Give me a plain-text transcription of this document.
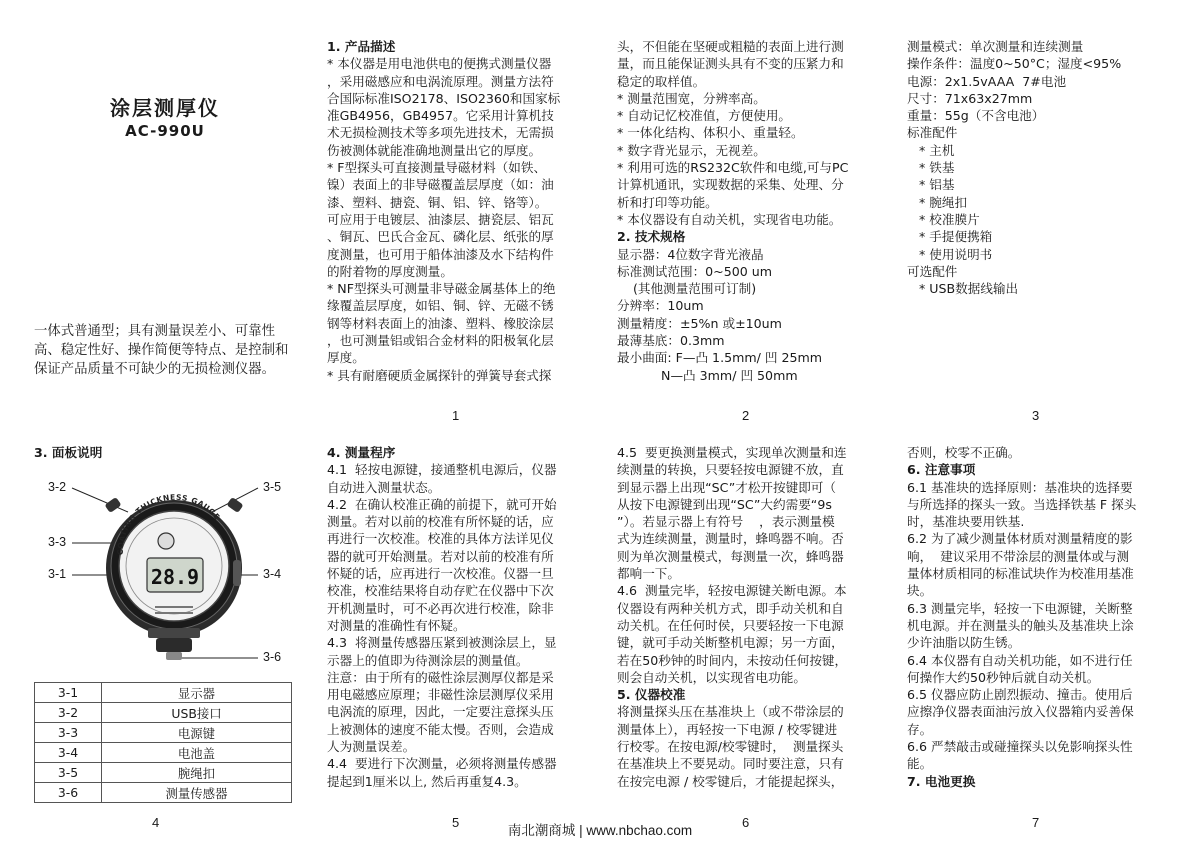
涂层测厚仪
AC-990U
一体式普通型；具有测量误差小、可靠性高、稳定性好、操作简便等特点、是控制和保证产品质量不可缺少的无损检测仪器。

1. 产品描述

* 本仪器是用电池供电的便携式测量仪器

，采用磁感应和电涡流原理。测量方法符

合国际标准ISO2178、ISO2360和国家标

准GB4956，GB4957。它采用计算机技

术无损检测技术等多项先进技术，无需损

伤被测体就能准确地测量出它的厚度。

* F型探头可直接测量导磁材料（如铁、

镍）表面上的非导磁覆盖层厚度（如：油

漆、塑料、搪瓷、铜、铝、锌、铬等）。

可应用于电镀层、油漆层、搪瓷层、铝瓦

、铜瓦、巴氏合金瓦、磷化层、纸张的厚

度测量，也可用于船体油漆及水下结构件

的附着物的厚度测量。

* NF型探头可测量非导磁金属基体上的绝

缘覆盖层厚度，如铝、铜、锌、无磁不锈

钢等材料表面上的油漆、塑料、橡胶涂层

，也可测量铝或铝合金材料的阳极氧化层

厚度。

* 具有耐磨硬质金属探针的弹簧导套式探

头，不但能在坚硬或粗糙的表面上进行测

量，而且能保证测头具有不变的压紧力和

稳定的取样值。

* 测量范围宽，分辨率高。

* 自动记忆校准值，方便使用。

* 一体化结构、体积小、重量轻。

* 数字背光显示，无视差。

* 利用可选的RS232C软件和电缆,可与PC

计算机通讯，实现数据的采集、处理、分

析和打印等功能。

* 本仪器设有自动关机，实现省电功能。

2. 技术规格

显示器：4位数字背光液晶

标准测试范围：0~500 um

(其他测量范围可订制)

分辨率：10um

测量精度：±5%n 或±10um

最薄基底：0.3mm

最小曲面: F—凸 1.5mm/ 凹 25mm

N—凸 3mm/ 凹 50mm

测量模式：单次测量和连续测量

操作条件：温度0~50°C；湿度<95%

电源：2x1.5vAAA  7#电池

尺寸：71x63x27mm

重量：55g（不含电池）

标准配件

* 主机

* 铁基

* 铝基

* 腕绳扣

* 校准膜片

* 手提便携箱

* 使用说明书

可选配件

* USB数据线输出

4. 测量程序

4.1  轻按电源键，接通整机电源后，仪器

自动进入测量状态。

4.2  在确认校准正确的前提下，就可开始

测量。若对以前的校准有所怀疑的话，应

再进行一次校准。校准的具体方法详见仪

器的就可开始测量。若对以前的校准有所

怀疑的话，应再进行一次校准。仪器一旦

校准，校准结果将自动存贮在仪器中下次

开机测量时，可不必再次进行校准，除非

对测量的准确性有怀疑。

4.3  将测量传感器压紧到被测涂层上，显

示器上的值即为待测涂层的测量值。

注意：由于所有的磁性涂层测厚仪都是采

用电磁感应原理；非磁性涂层测厚仪采用

电涡流的原理，因此，一定要注意探头压

上被测体的速度不能太慢。否则，会造成

人为测量误差。

4.4  要进行下次测量，必须将测量传感器

提起到1厘米以上, 然后再重复4.3。

4.5  要更换测量模式，实现单次测量和连

续测量的转换，只要轻按电源键不放，直

到显示器上出现“SC”才松开按键即可（

从按下电源键到出现“SC”大约需要“9s

”）。若显示器上有符号    ，表示测量模

式为连续测量，测量时，蜂鸣器不响。否

则为单次测量模式，每测量一次，蜂鸣器

都响一下。

4.6  测量完毕，轻按电源键关断电源。本

仪器设有两种关机方式，即手动关机和自

动关机。在任何时侯，只要轻按一下电源

键，就可手动关断整机电源；另一方面，

若在50秒钟的时间内，未按动任何按键，

则会自动关机，以实现省电功能。

5. 仪器校准

将测量探头压在基准块上（或不带涂层的

测量体上），再轻按一下电源 / 校零键进

行校零。在按电源/校零键时，  测量探头

在基准块上不要晃动。同时要注意，只有

在按完电源 / 校零键后，才能提起探头，

否则，校零不正确。

6. 注意事项

6.1 基准块的选择原则：基准块的选择要

与所选择的探头一致。当选择铁基 F 探头

时，基准块要用铁基.

6.2 为了减少测量体材质对测量精度的影

响，  建议采用不带涂层的测量体或与测

量体材质相同的标准试块作为校准用基准

块。

6.3 测量完毕，轻按一下电源键，关断整

机电源。并在测量头的触头及基准块上涂

少许油脂以防生锈。

6.4 本仪器有自动关机功能，如不进行任

何操作大约50秒钟后就自动关机。

6.5 仪器应防止剧烈振动、撞击。使用后

应擦净仪器表面油污放入仪器箱内妥善保

存。

6.6 严禁敲击或碰撞探头以免影响探头性

能。

7. 电池更换

3. 面板说明
COATING THICKNESS GAUGE
28.9
3-2
3-3
3-1
3-5
3-4
3-6
3-1	显示器
3-2	USB接口
3-3	电源键
3-4	电池盖
3-5	腕绳扣
3-6	测量传感器
1	2	3
4	5	6	7
南北潮商城 | www.nbchao.com
